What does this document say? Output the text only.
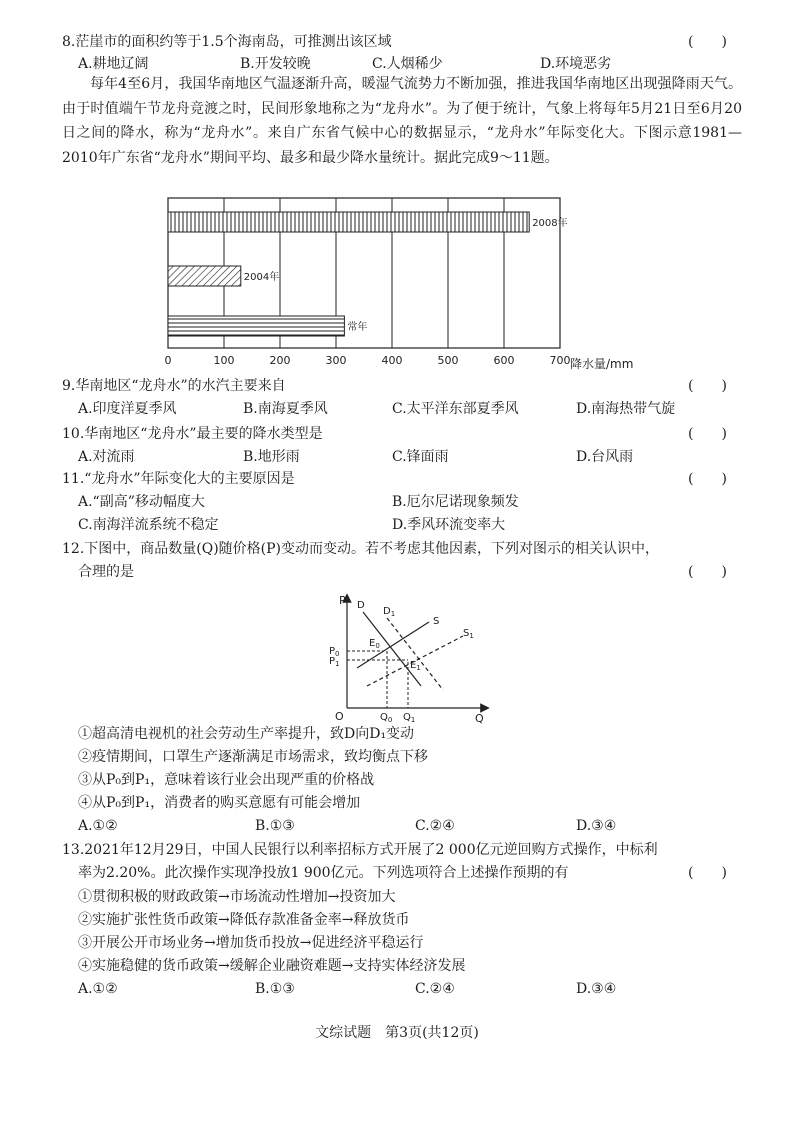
8.茫崖市的面积约等于1.5个海南岛，可推测出该区域	(　　)
A.耕地辽阔	B.开发较晚	C.人烟稀少	D.环境恶劣

每年4至6月，我国华南地区气温逐渐升高，暖湿气流势力不断加强，推进我国华南地区出现强降雨天气。由于时值端午节龙舟竞渡之时，民间形象地称之为“龙舟水”。为了便于统计，气象上将每年5月21日至6月20日之间的降水，称为“龙舟水”。来自广东省气候中心的数据显示，“龙舟水”年际变化大。下图示意1981—2010年广东省“龙舟水”期间平均、最多和最少降水量统计。据此完成9～11题。

2008年
2004年
常年
0	100	200	300	400	500	600	700 降水量/mm
9.华南地区“龙舟水”的水汽主要来自	(　　)
A.印度洋夏季风	B.南海夏季风	C.太平洋东部夏季风	D.南海热带气旋
10.华南地区“龙舟水”最主要的降水类型是	(　　)
A.对流雨	B.地形雨	C.锋面雨	D.台风雨
11.“龙舟水”年际变化大的主要原因是	(　　)
A.“副高”移动幅度大	B.厄尔尼诺现象频发
C.南海洋流系统不稳定	D.季风环流变率大
12.下图中，商品数量(Q)随价格(P)变动而变动。若不考虑其他因素，下列对图示的相关认识中，
合理的是	(　　)
P
Q
O
D
$D_1$
S
$S_1$
$E_0$
$E_1$
$P_0$
$P_1$
$Q_0$ $Q_1$
①超高清电视机的社会劳动生产率提升，致D向D₁变动
②疫情期间，口罩生产逐渐满足市场需求，致均衡点下移
③从P₀到P₁，意味着该行业会出现严重的价格战
④从P₀到P₁，消费者的购买意愿有可能会增加
A.①②	B.①③	C.②④	D.③④
13.2021年12月29日，中国人民银行以利率招标方式开展了2 000亿元逆回购方式操作，中标利
率为2.20%。此次操作实现净投放1 900亿元。下列选项符合上述操作预期的有	(　　)
①贯彻积极的财政政策→市场流动性增加→投资加大
②实施扩张性货币政策→降低存款准备金率→释放货币
③开展公开市场业务→增加货币投放→促进经济平稳运行
④实施稳健的货币政策→缓解企业融资难题→支持实体经济发展
A.①②	B.①③	C.②④	D.③④
文综试题　第3页(共12页)
